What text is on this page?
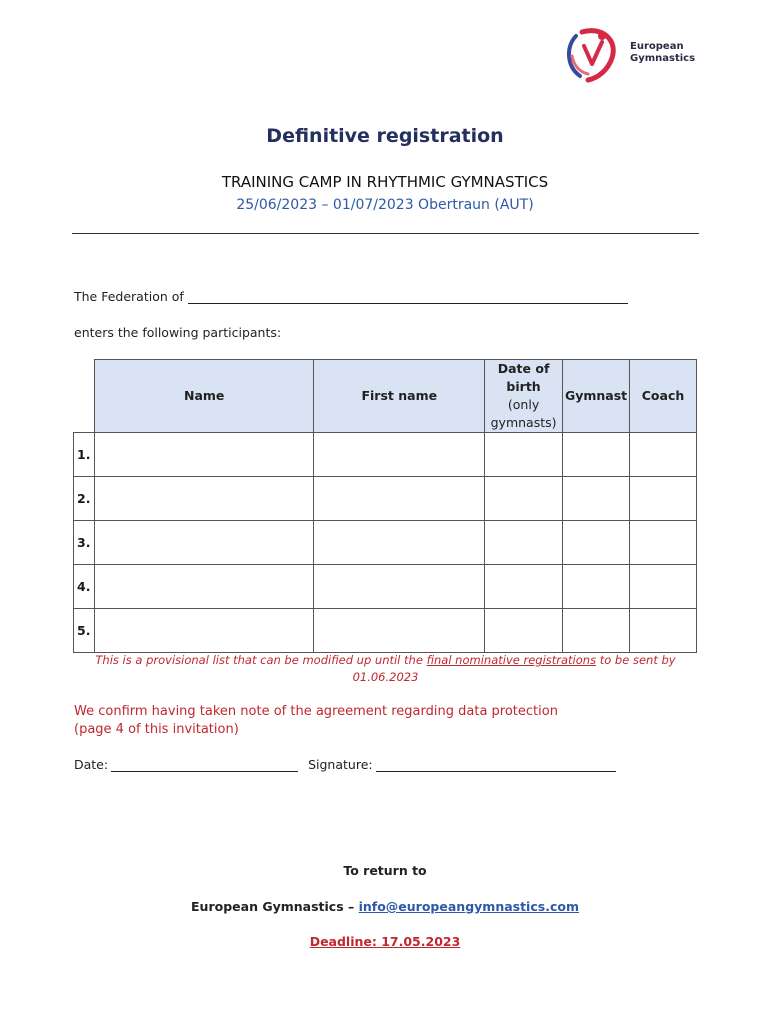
European
Gymnastics
Definitive registration
TRAINING CAMP IN RHYTHMIC GYMNASTICS
25/06/2023 – 01/07/2023 Obertraun (AUT)
The Federation of
enters the following participants:
	Name	First name	Date of
birth
(only
gymnasts)	Gymnast	Coach
1.					
2.					
3.					
4.					
5.					
This is a provisional list that can be modified up until the final nominative registrations to be sent by
01.06.2023
We confirm having taken note of the agreement regarding data protection
(page 4 of this invitation)
Date:	Signature:
To return to
European Gymnastics – info@europeangymnastics.com
Deadline: 17.05.2023
